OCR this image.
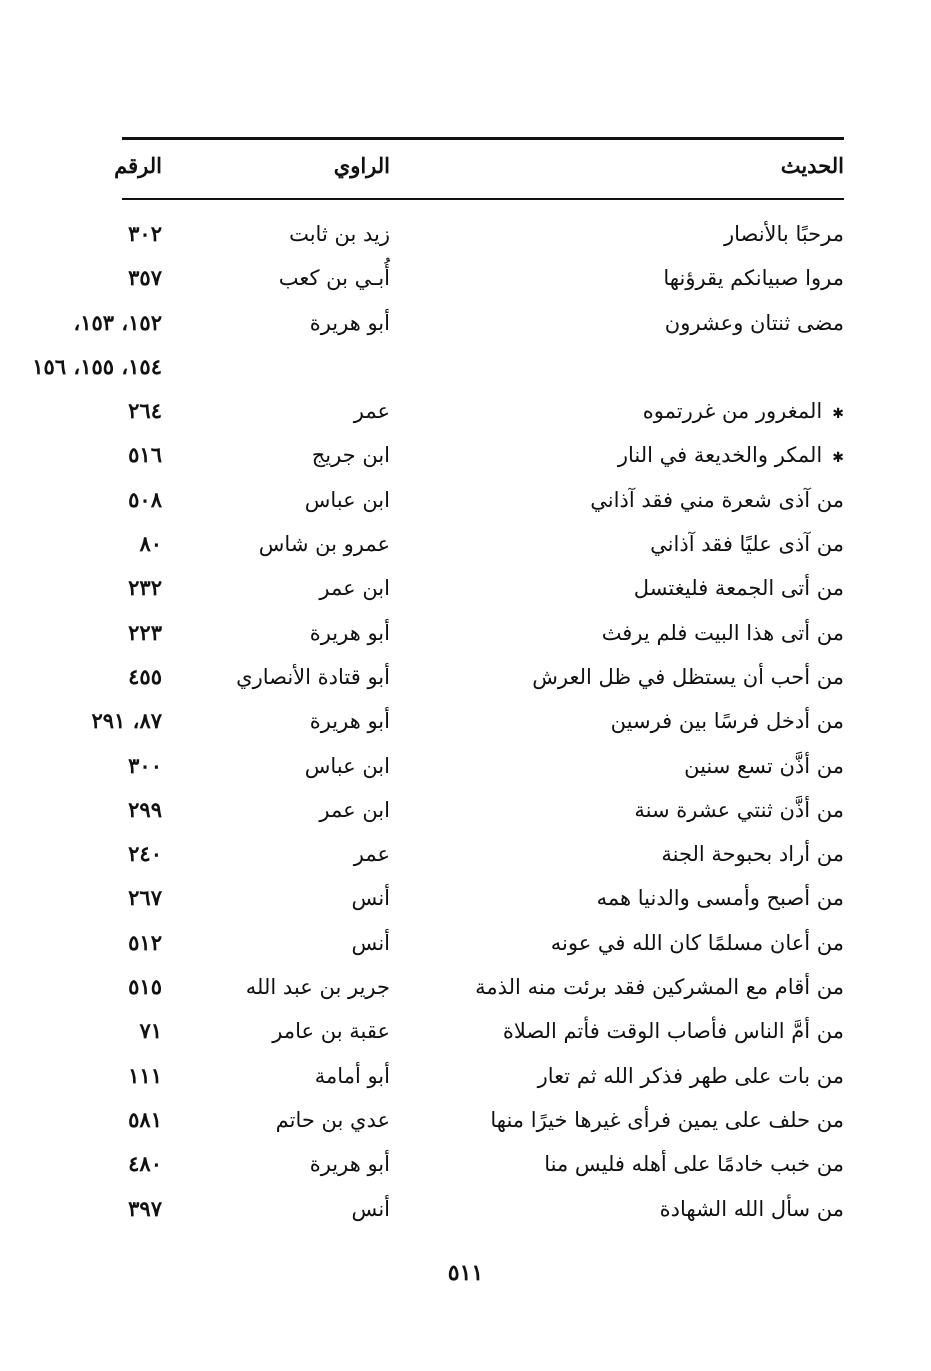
الحديث
الراوي
الرقم
مرحبًا بالأنصار
زيد بن ثابت
٣٠٢
مروا صبيانكم يقرؤنها
أُبـي بن كعب
٣٥٧
مضى ثنتان وعشرون
أبو هريرة
١٥٢، ١٥٣،
١٥٤، ١٥٥، ١٥٦
✱المغرور من غررتموه
عمر
٢٦٤
✱المكر والخديعة في النار
ابن جريج
٥١٦
من آذى شعرة مني فقد آذاني
ابن عباس
٥٠٨
من آذى عليًا فقد آذاني
عمرو بن شاس
٨٠
من أتى الجمعة فليغتسل
ابن عمر
٢٣٢
من أتى هذا البيت فلم يرفث
أبو هريرة
٢٢٣
من أحب أن يستظل في ظل العرش
أبو قتادة الأنصاري
٤٥٥
من أدخل فرسًا بين فرسين
أبو هريرة
٨٧، ٢٩١
من أذَّن تسع سنين
ابن عباس
٣٠٠
من أذَّن ثنتي عشرة سنة
ابن عمر
٢٩٩
من أراد بحبوحة الجنة
عمر
٢٤٠
من أصبح وأمسى والدنيا همه
أنس
٢٦٧
من أعان مسلمًا كان الله في عونه
أنس
٥١٢
من أقام مع المشركين فقد برئت منه الذمة
جرير بن عبد الله
٥١٥
من أمَّ الناس فأصاب الوقت فأتم الصلاة
عقبة بن عامر
٧١
من بات على طهر فذكر الله ثم تعار
أبو أمامة
١١١
من حلف على يمين فرأى غيرها خيرًا منها
عدي بن حاتم
٥٨١
من خبب خادمًا على أهله فليس منا
أبو هريرة
٤٨٠
من سأل الله الشهادة
أنس
٣٩٧
٥١١
